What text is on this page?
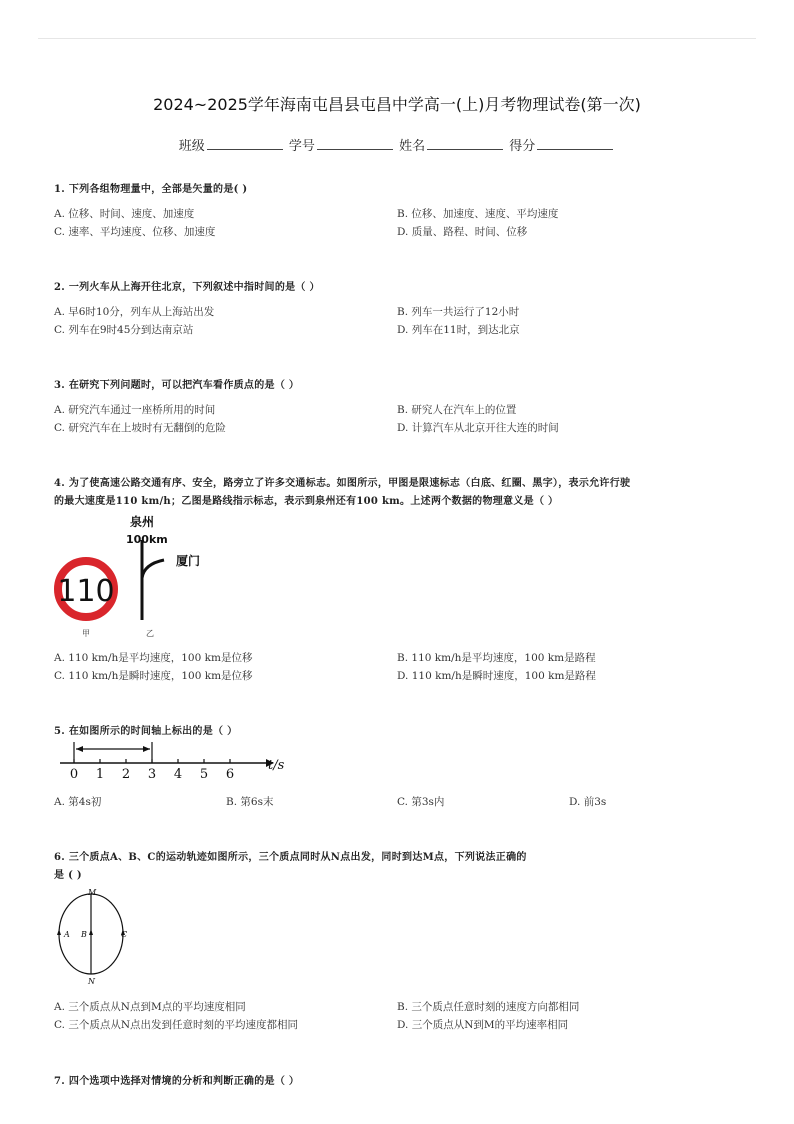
2024~2025学年海南屯昌县屯昌中学高一(上)月考物理试卷(第一次)
班级	学号	姓名	得分
1. 下列各组物理量中，全部是矢量的是( )
A. 位移、时间、速度、加速度	B. 位移、加速度、速度、平均速度
C. 速率、平均速度、位移、加速度	D. 质量、路程、时间、位移
2. 一列火车从上海开往北京，下列叙述中指时间的是（ ）
A. 早6时10分，列车从上海站出发	B. 列车一共运行了12小时
C. 列车在9时45分到达南京站	D. 列车在11时，到达北京
3. 在研究下列问题时，可以把汽车看作质点的是（ ）
A. 研究汽车通过一座桥所用的时间	B. 研究人在汽车上的位置
C. 研究汽车在上坡时有无翻倒的危险	D. 计算汽车从北京开往大连的时间
4. 为了使高速公路交通有序、安全，路旁立了许多交通标志。如图所示，甲图是限速标志（白底、红圈、黑字），表示允许行驶
的最大速度是110 km/h；乙图是路线指示标志，表示到泉州还有100 km。上述两个数据的物理意义是（ ）
110
甲
泉州
100km
厦门
乙
A. 110 km/h是平均速度，100 km是位移	B. 110 km/h是平均速度，100 km是路程
C. 110 km/h是瞬时速度，100 km是位移	D. 110 km/h是瞬时速度，100 km是路程
5. 在如图所示的时间轴上标出的是（ ）
0 1 2 3 4 5 6
t/s
A. 第4s初	B. 第6s末	C. 第3s内	D. 前3s
6. 三个质点A、B、C的运动轨迹如图所示，三个质点同时从N点出发，同时到达M点，下列说法正确的
是 ( )
M
N
A B	C
A. 三个质点从N点到M点的平均速度相同	B. 三个质点任意时刻的速度方向都相同
C. 三个质点从N点出发到任意时刻的平均速度都相同	D. 三个质点从N到M的平均速率相同
7. 四个选项中选择对情境的分析和判断正确的是（ ）
